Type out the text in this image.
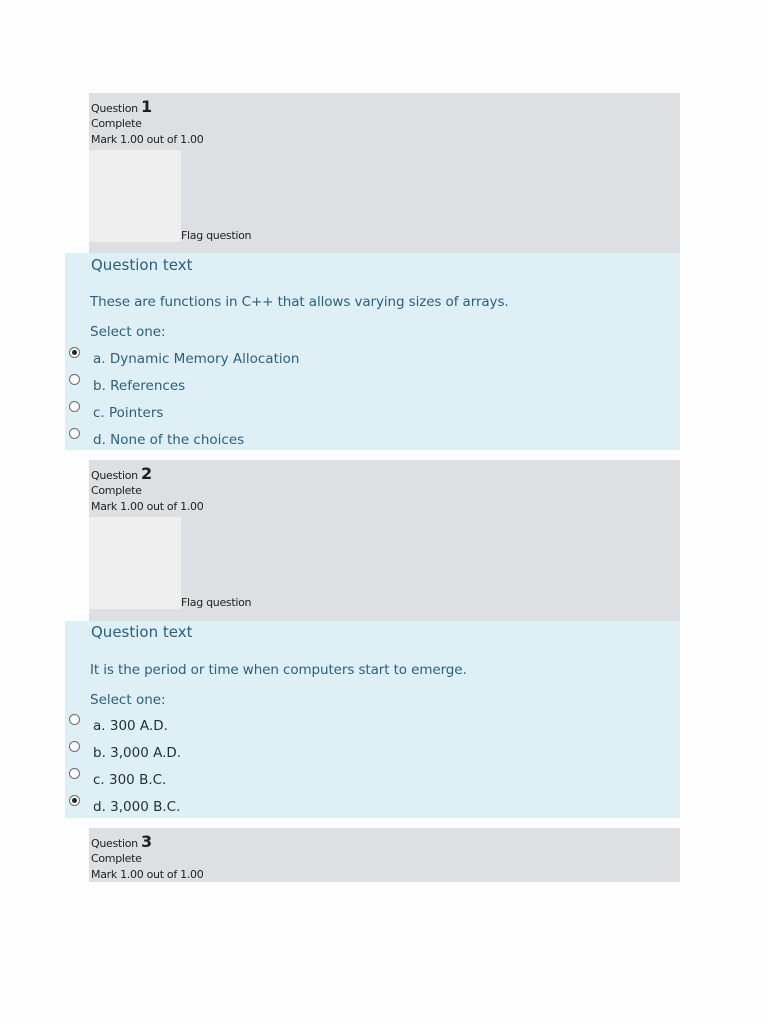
Question 1
Complete
Mark 1.00 out of 1.00
Flag question
Question text
These are functions in C++ that allows varying sizes of arrays.
Select one:
a. Dynamic Memory Allocation
b. References
c. Pointers
d. None of the choices
Question 2
Complete
Mark 1.00 out of 1.00
Flag question
Question text
It is the period or time when computers start to emerge.
Select one:
a. 300 A.D.
b. 3,000 A.D.
c. 300 B.C.
d. 3,000 B.C.
Question 3
Complete
Mark 1.00 out of 1.00
